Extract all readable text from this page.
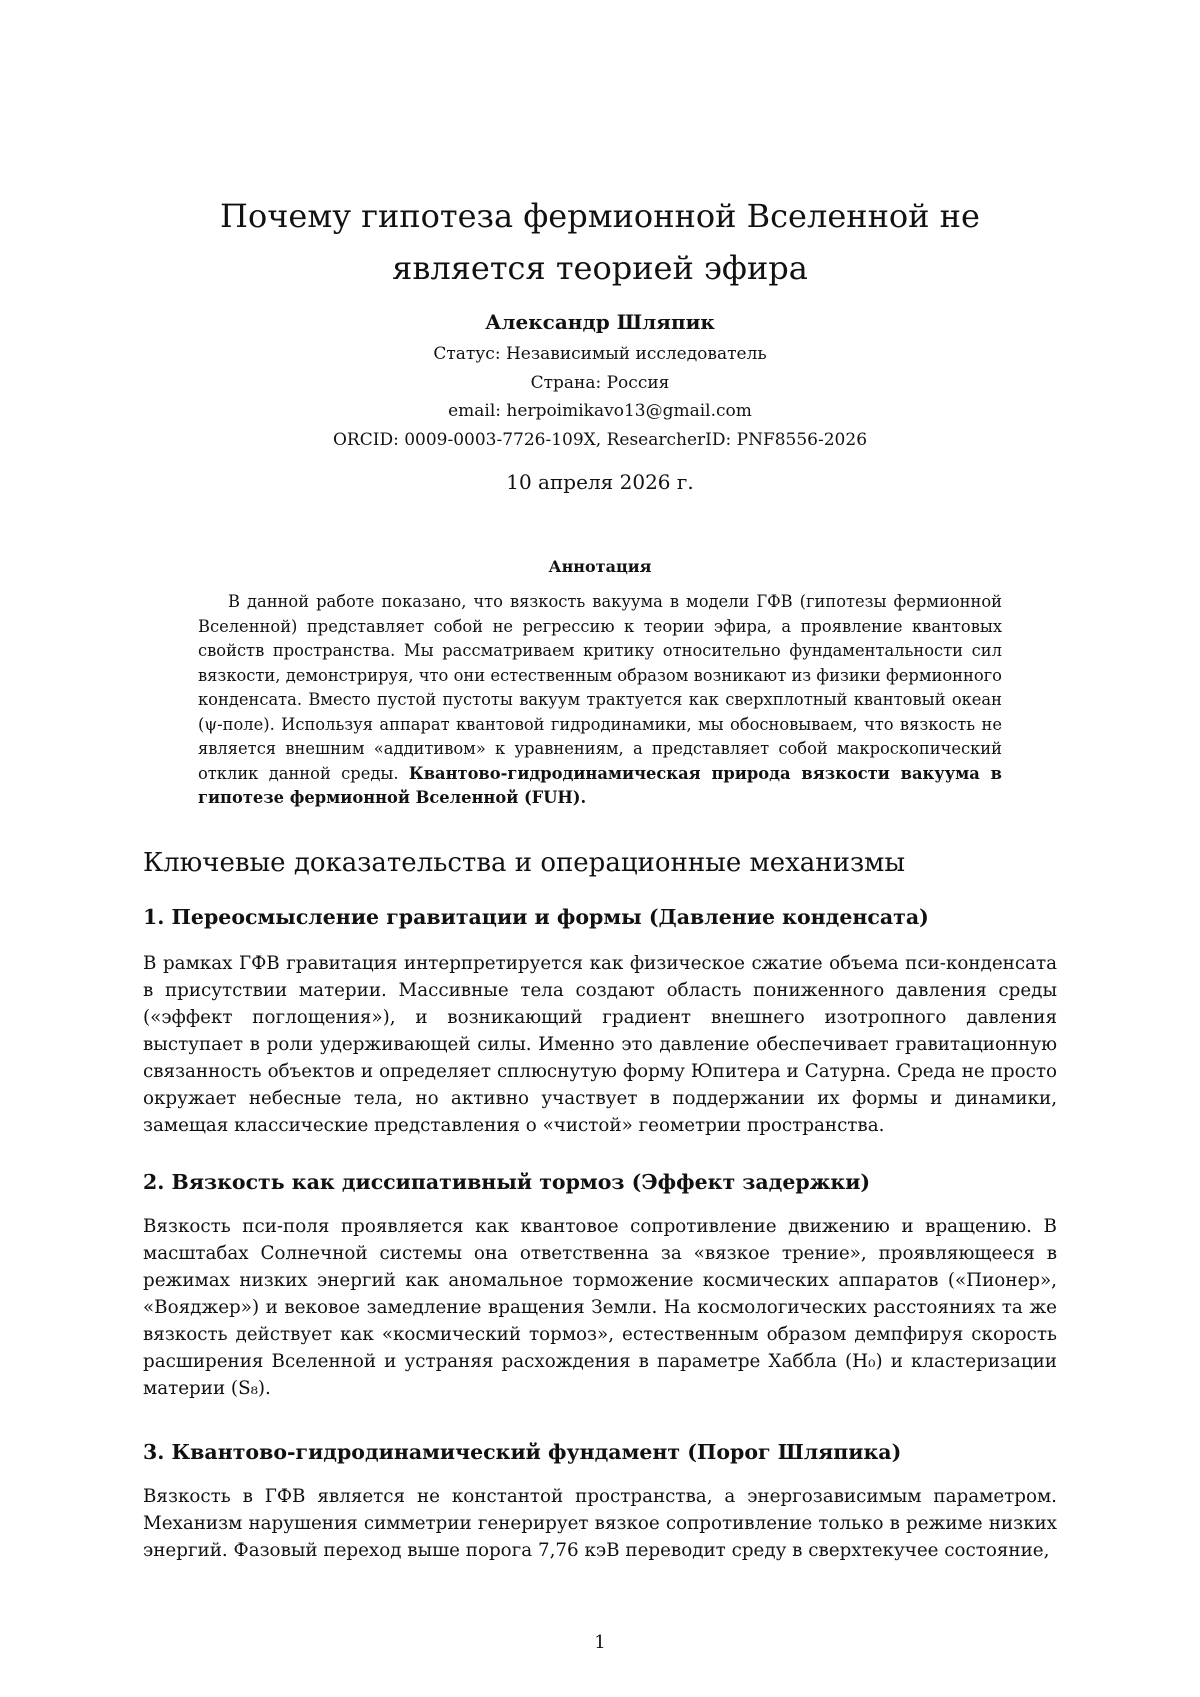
Почему гипотеза фермионной Вселенной не является теорией эфира
Александр Шляпик
Статус: Независимый исследователь
Страна: Россия
email: herpoimikavo13@gmail.com
ORCID: 0009-0003-7726-109X, ResearcherID: PNF8556-2026
10 апреля 2026 г.
Аннотация
В данной работе показано, что вязкость вакуума в модели ГФВ (гипотезы фермионной Вселенной) представляет собой не регрессию к теории эфира, а проявление квантовых свойств пространства. Мы рассматриваем критику относительно фундаментальности сил вязкости, демонстрируя, что они естественным образом возникают из физики фермионного конденсата. Вместо пустой пустоты вакуум трактуется как сверхплотный квантовый океан (ψ-поле). Используя аппарат квантовой гидродинамики, мы обосновываем, что вязкость не является внешним «аддитивом» к уравнениям, а представляет собой макроскопический отклик данной среды. Квантово-гидродинамическая природа вязкости вакуума в гипотезе фермионной Вселенной (FUH).
Ключевые доказательства и операционные механизмы
1. Переосмысление гравитации и формы (Давление конденсата)
В рамках ГФВ гравитация интерпретируется как физическое сжатие объема пси-конденсата в присутствии материи. Массивные тела создают область пониженного давления среды («эффект поглощения»), и возникающий градиент внешнего изотропного давления выступает в роли удерживающей силы. Именно это давление обеспечивает гравитационную связанность объектов и определяет сплюснутую форму Юпитера и Сатурна. Среда не просто окружает небесные тела, но активно участвует в поддержании их формы и динамики, замещая классические представления о «чистой» геометрии пространства.
2. Вязкость как диссипативный тормоз (Эффект задержки)
Вязкость пси-поля проявляется как квантовое сопротивление движению и вращению. В масштабах Солнечной системы она ответственна за «вязкое трение», проявляющееся в режимах низких энергий как аномальное торможение космических аппаратов («Пионер», «Вояджер») и вековое замедление вращения Земли. На космологических расстояниях та же вязкость действует как «космический тормоз», естественным образом демпфируя скорость расширения Вселенной и устраняя расхождения в параметре Хаббла (H₀) и кластеризации материи (S₈).
3. Квантово-гидродинамический фундамент (Порог Шляпика)
Вязкость в ГФВ является не константой пространства, а энергозависимым параметром. Механизм нарушения симметрии генерирует вязкое сопротивление только в режиме низких энергий. Фазовый переход выше порога 7,76 кэВ переводит среду в сверхтекучее состояние,
1
